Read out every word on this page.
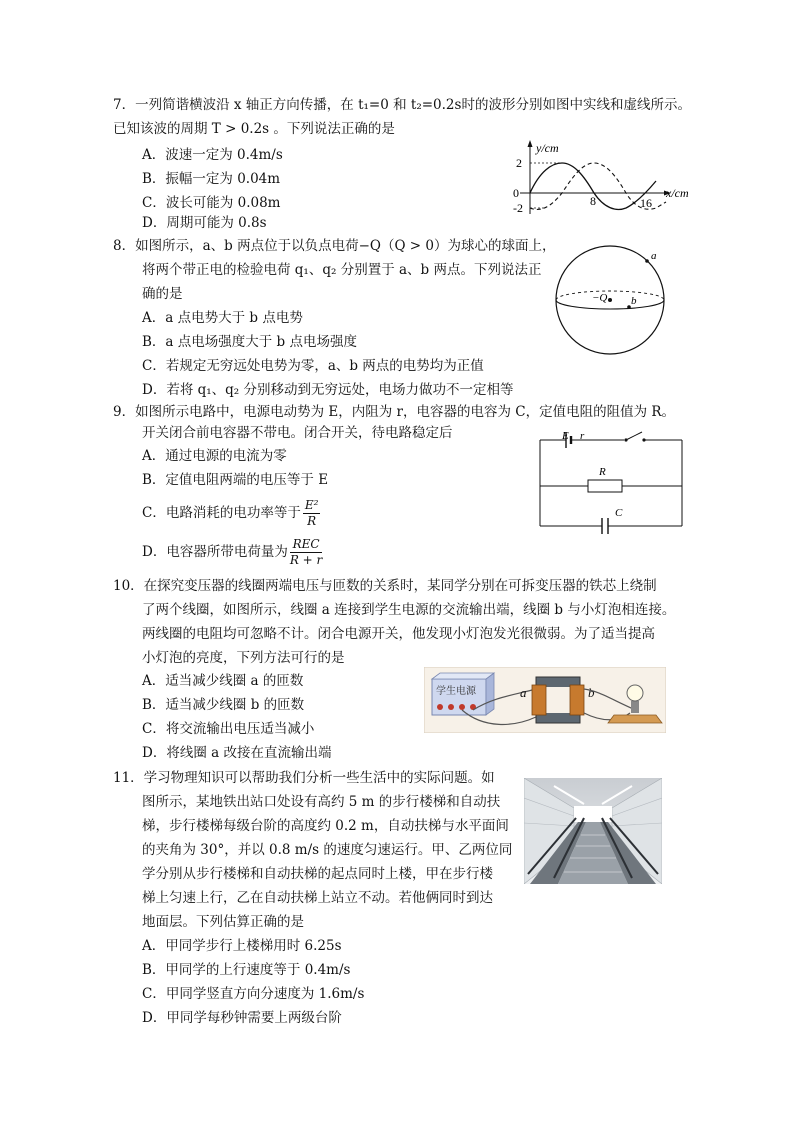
7．一列简谐横波沿 x 轴正方向传播，在 t₁=0 和 t₂=0.2s时的波形分别如图中实线和虚线所示。
已知该波的周期 T > 0.2s 。下列说法正确的是
A．波速一定为 0.4m/s
B．振幅一定为 0.04m
C．波长可能为 0.08m
D．周期可能为 0.8s
y/cm
2
0
-2	8	16
x/cm
8．如图所示，a、b 两点位于以负点电荷−Q（Q > 0）为球心的球面上，
将两个带正电的检验电荷 q₁、q₂ 分别置于 a、b 两点。下列说法正
确的是
A．a 点电势大于 b 点电势
B．a 点电场强度大于 b 点电场强度
C．若规定无穷远处电势为零，a、b 两点的电势均为正值
D．若将 q₁、q₂ 分别移动到无穷远处，电场力做功不一定相等
a
b
−Q
9．如图所示电路中，电源电动势为 E，内阻为 r，电容器的电容为 C，定值电阻的阻值为 R。
开关闭合前电容器不带电。闭合开关，待电路稳定后
A．通过电源的电流为零
B．定值电阻两端的电压等于 E
C．电路消耗的电功率等于 $\frac{\text{E²}}{R}$
D．电容器所带电荷量为 $\frac{\text{REC}}{R + r}$
E r
R
C
10．在探究变压器的线圈两端电压与匝数的关系时，某同学分别在可拆变压器的铁芯上绕制
了两个线圈，如图所示，线圈 a 连接到学生电源的交流输出端，线圈 b 与小灯泡相连接。
两线圈的电阻均可忽略不计。闭合电源开关，他发现小灯泡发光很微弱。为了适当提高
小灯泡的亮度，下列方法可行的是
A．适当减少线圈 a 的匝数
B．适当减少线圈 b 的匝数
C．将交流输出电压适当减小
D．将线圈 a 改接在直流输出端
学生电源	a	b
11．学习物理知识可以帮助我们分析一些生活中的实际问题。如
图所示，某地铁出站口处设有高约 5 m 的步行楼梯和自动扶
梯，步行楼梯每级台阶的高度约 0.2 m，自动扶梯与水平面间
的夹角为 30°，并以 0.8 m/s 的速度匀速运行。甲、乙两位同
学分别从步行楼梯和自动扶梯的起点同时上楼，甲在步行楼
梯上匀速上行，乙在自动扶梯上站立不动。若他俩同时到达
地面层。下列估算正确的是
A．甲同学步行上楼梯用时 6.25s
B．甲同学的上行速度等于 0.4m/s
C．甲同学竖直方向分速度为 1.6m/s
D．甲同学每秒钟需要上两级台阶
